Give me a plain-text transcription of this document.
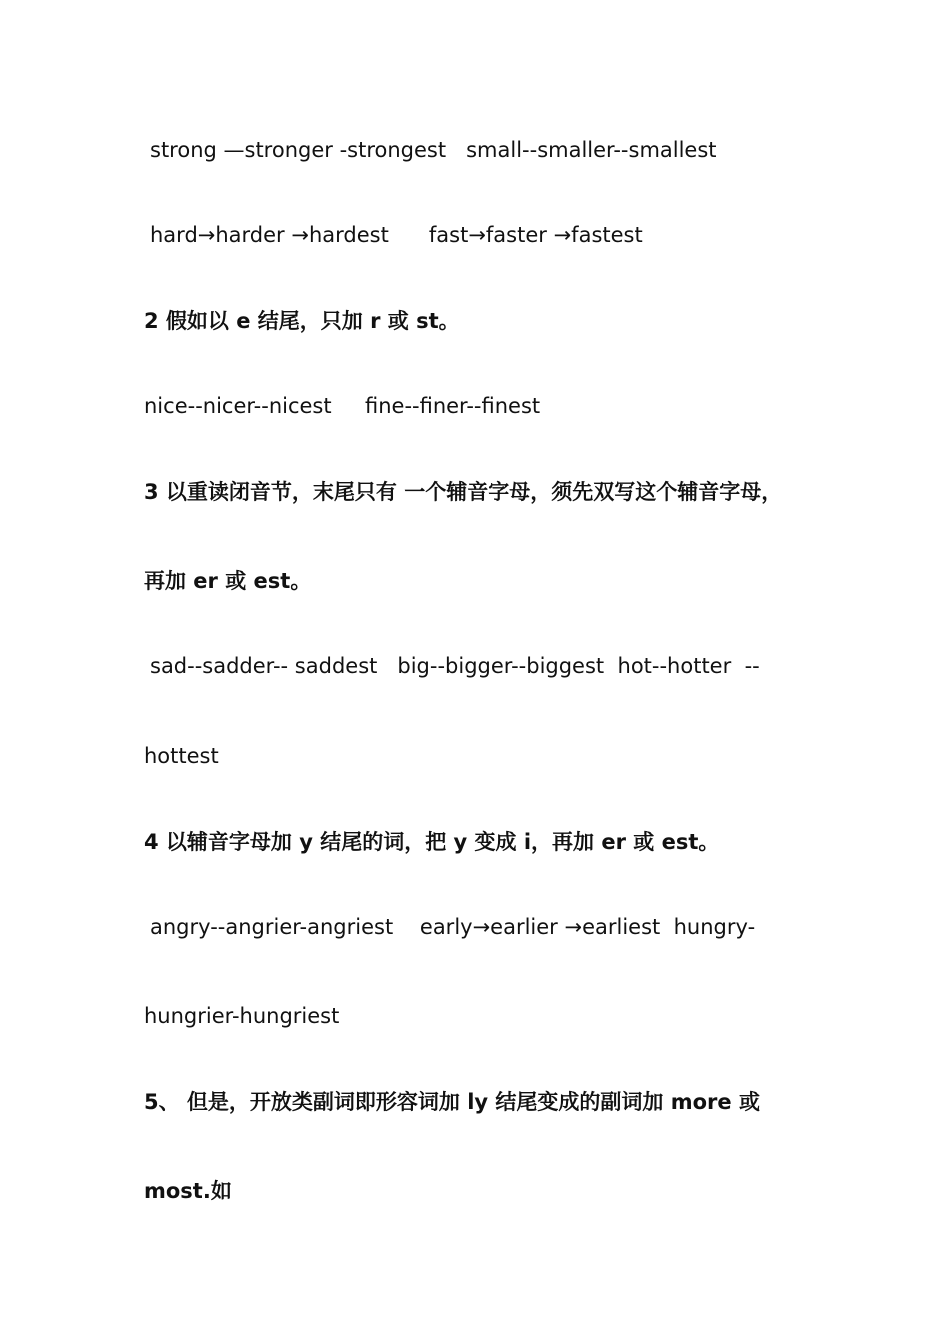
strong —stronger -strongest   small--smaller--smallest
hard→harder →hardest      fast→faster →fastest
2 假如以 e 结尾，只加 r 或 st。
nice--nicer--nicest     fine--finer--finest
3 以重读闭音节，末尾只有 一个辅音字母，须先双写这个辅音字母，
再加 er 或 est。
sad--sadder-- saddest   big--bigger--biggest  hot--hotter  --
hottest
4 以辅音字母加 y 结尾的词，把 y 变成 i，再加 er 或 est。
angry--angrier-angriest    early→earlier →earliest  hungry-
hungrier-hungriest
5、 但是，开放类副词即形容词加 ly 结尾变成的副词加 more 或
most.如
